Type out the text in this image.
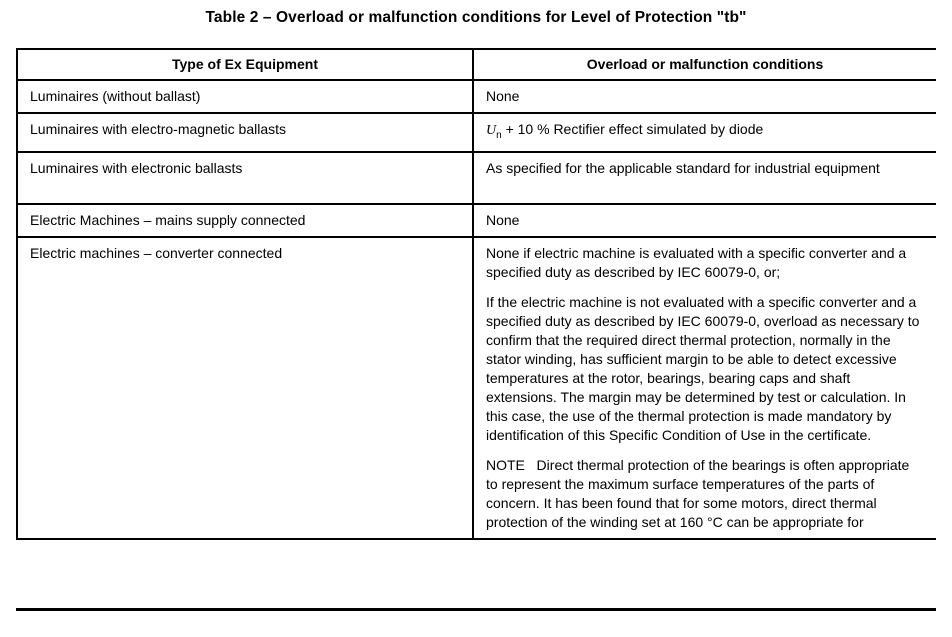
Table 2 – Overload or malfunction conditions for Level of Protection "tb"
Type of Ex Equipment	Overload or malfunction conditions
Luminaires (without ballast)	None
Luminaires with electro-magnetic ballasts	$U_n + 10$ % Rectifier effect simulated by diode
Luminaires with electronic ballasts	As specified for the applicable standard for industrial equipment
Electric Machines – mains supply connected	None
Electric machines – converter connected	None if electric machine is evaluated with a specific converter and a specified duty as described by IEC 60079-0, or;

If the electric machine is not evaluated with a specific converter and a specified duty as described by IEC 60079-0, overload as necessary to confirm that the required direct thermal protection, normally in the stator winding, has sufficient margin to be able to detect excessive temperatures at the rotor, bearings, bearing caps and shaft extensions. The margin may be determined by test or calculation. In this case, the use of the thermal protection is made mandatory by identification of this Specific Condition of Use in the certificate.

NOTE   Direct thermal protection of the bearings is often appropriate to represent the maximum surface temperatures of the parts of concern. It has been found that for some motors, direct thermal protection of the winding set at 160 °C can be appropriate for
